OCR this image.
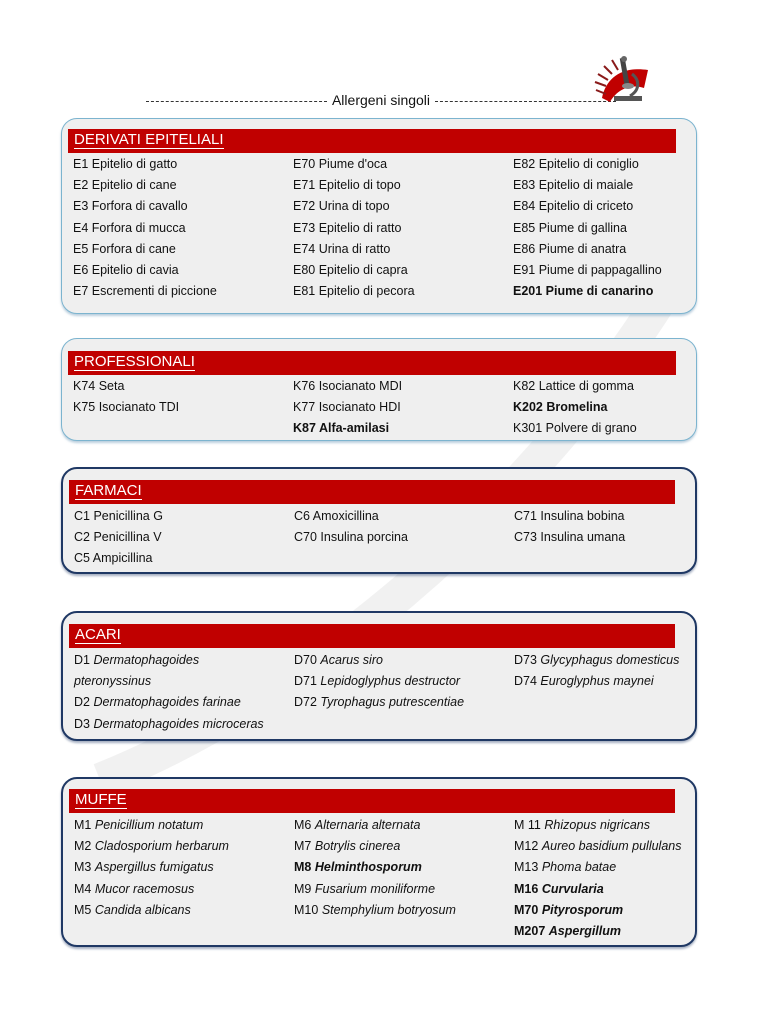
Allergeni singoli
DERIVATI EPITELIALI
E1 Epitelio di gatto
E2 Epitelio di cane
E3 Forfora di cavallo
E4 Forfora di mucca
E5 Forfora di cane
E6 Epitelio di cavia
E7 Escrementi di piccione
E70 Piume d'oca
E71 Epitelio di topo
E72 Urina di topo
E73 Epitelio di ratto
E74 Urina di ratto
E80 Epitelio di capra
E81 Epitelio di pecora
E82 Epitelio di coniglio
E83 Epitelio di maiale
E84 Epitelio di criceto
E85 Piume di gallina
E86 Piume di anatra
E91 Piume di pappagallino
E201 Piume di canarino
PROFESSIONALI
K74 Seta
K75 Isocianato TDI
K76 Isocianato MDI
K77 Isocianato HDI
K87 Alfa-amilasi
K82 Lattice di gomma
K202 Bromelina
K301 Polvere di grano
FARMACI
C1 Penicillina G
C2 Penicillina V
C5 Ampicillina
C6 Amoxicillina
C70 Insulina porcina
C71 Insulina bobina
C73 Insulina umana
ACARI
D1 Dermatophagoides
pteronyssinus
D2 Dermatophagoides farinae
D3 Dermatophagoides microceras
D70 Acarus siro
D71 Lepidoglyphus destructor
D72 Tyrophagus putrescentiae
D73 Glycyphagus domesticus
D74 Euroglyphus maynei
MUFFE
M1 Penicillium notatum
M2 Cladosporium herbarum
M3 Aspergillus fumigatus
M4 Mucor racemosus
M5 Candida albicans
M6 Alternaria alternata
M7 Botrylis cinerea
M8 Helminthosporum
M9 Fusarium moniliforme
M10 Stemphylium botryosum
M 11 Rhizopus nigricans
M12 Aureo basidium pullulans
M13 Phoma batae
M16 Curvularia
M70 Pityrosporum
M207 Aspergillum
